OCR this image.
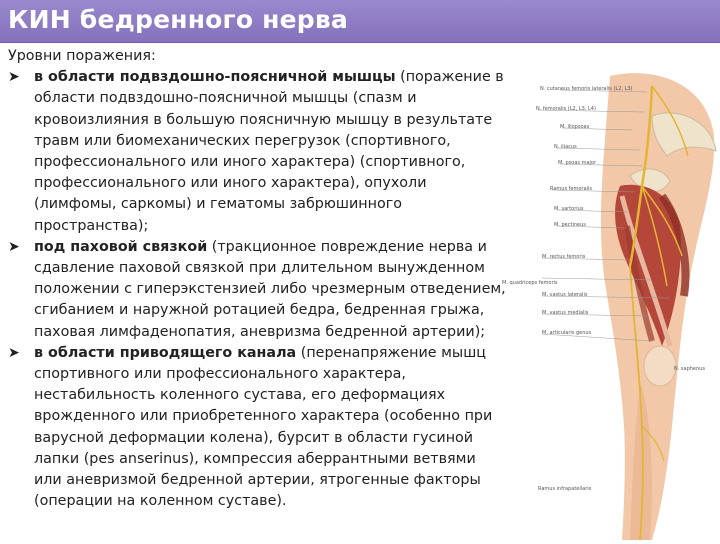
КИН бедренного нерва

Уровни поражения:

➤ в области подвздошно-поясничной мышцы (поражение в области подвздошно-поясничной мышцы (спазм и кровоизлияния в большую поясничную мышцу в результате травм или биомеханических перегрузок (спортивного, профессионального или иного характера) (спортивного, профессионального или иного характера), опухоли (лимфомы, саркомы) и гематомы забрюшинного пространства);
➤ под паховой связкой (тракционное повреждение нерва и сдавление паховой связкой при длительном вынужденном положении с гиперэкстензией либо чрезмерным отведением, сгибанием и наружной ротацией бедра, бедренная грыжа, паховая лимфаденопатия, аневризма бедренной артерии);
➤ в области приводящего канала (перенапряжение мышц спортивного или профессионального характера, нестабильность коленного сустава, его деформациях врожденного или приобретенного характера (особенно при варусной деформации колена), бурсит в области гусиной лапки (pes anserinus), компрессия аберрантными ветвями или аневризмой бедренной артерии, ятрогенные факторы (операции на коленном суставе).
N. cutaneus femoris lateralis (L2, L3)
N. femoralis (L2, L3, L4)
M. iliopsoas
N. iliacus
M. psoas major
Ramus femoralis
M. sartorius
M. pectineus
M. quadriceps femoris
M. rectus femoris
M. vastus lateralis
M. vastus medialis
M. articularis genus
N. saphenus
Ramus infrapatellaris
